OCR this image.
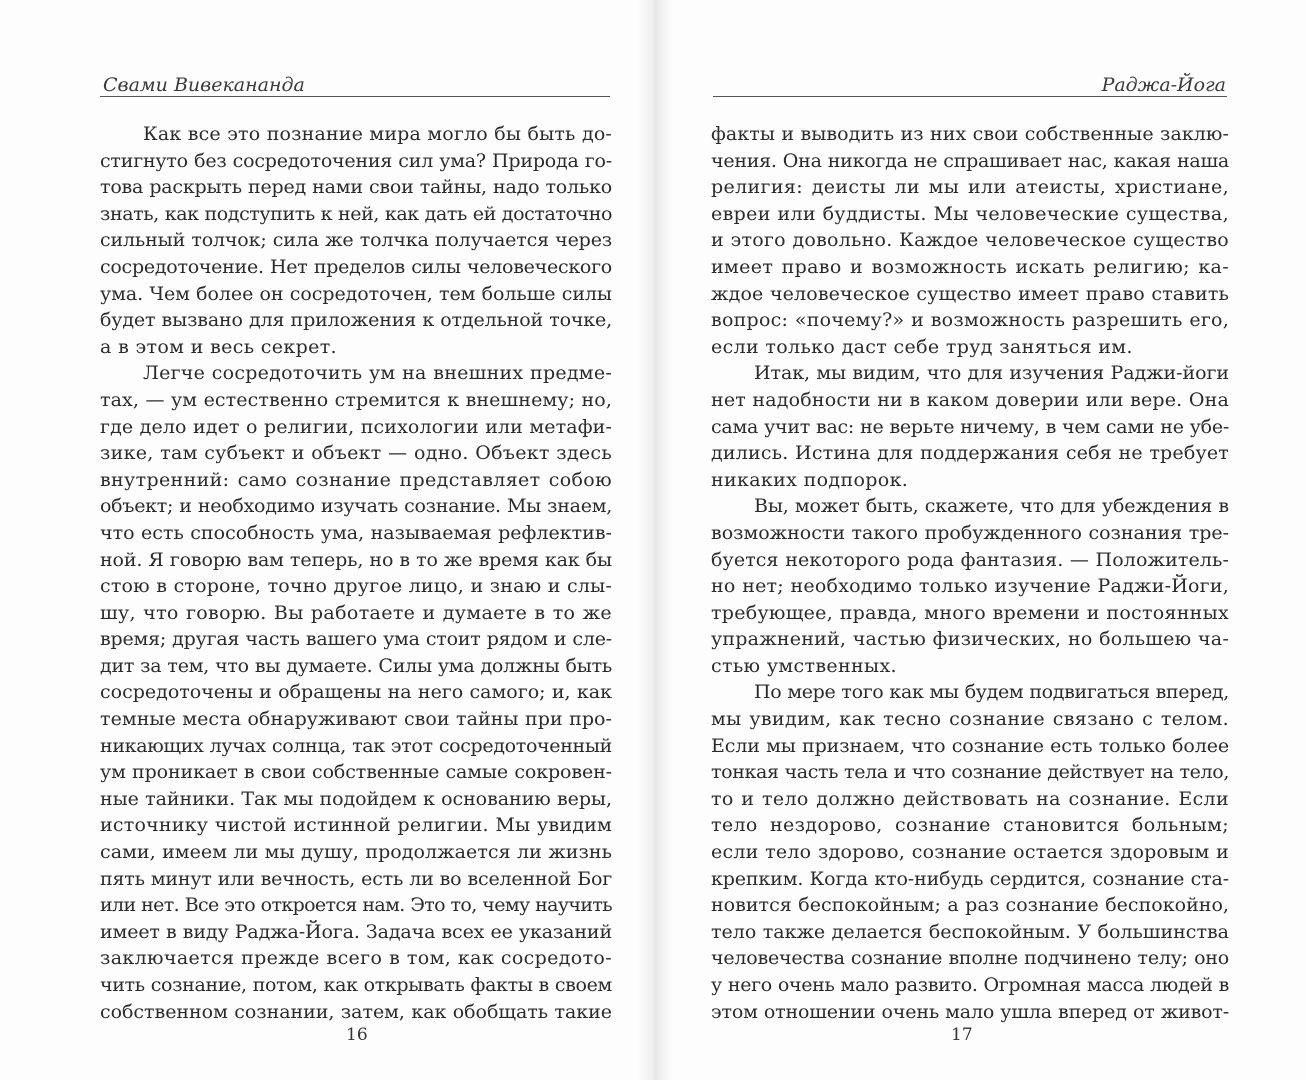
Свами Вивекананда
Как все это познание мира могло бы быть до-
стигнуто без сосредоточения сил ума? Природа го-
това раскрыть перед нами свои тайны, надо только
знать, как подступить к ней, как дать ей достаточно
сильный толчок; сила же толчка получается через
сосредоточение. Нет пределов силы человеческого
ума. Чем более он сосредоточен, тем больше силы
будет вызвано для приложения к отдельной точке,
а в этом и весь секрет.
Легче сосредоточить ум на внешних предме-
тах, — ум естественно стремится к внешнему; но,
где дело идет о религии, психологии или метафи-
зике, там субъект и объект — одно. Объект здесь
внутренний: само сознание представляет собою
объект; и необходимо изучать сознание. Мы знаем,
что есть способность ума, называемая рефлектив-
ной. Я говорю вам теперь, но в то же время как бы
стою в стороне, точно другое лицо, и знаю и слы-
шу, что говорю. Вы работаете и думаете в то же
время; другая часть вашего ума стоит рядом и сле-
дит за тем, что вы думаете. Силы ума должны быть
сосредоточены и обращены на него самого; и, как
темные места обнаруживают свои тайны при про-
никающих лучах солнца, так этот сосредоточенный
ум проникает в свои собственные самые сокровен-
ные тайники. Так мы подойдем к основанию веры,
источнику чистой истинной религии. Мы увидим
сами, имеем ли мы душу, продолжается ли жизнь
пять минут или вечность, есть ли во вселенной Бог
или нет. Все это откроется нам. Это то, чему научить
имеет в виду Раджа-Йога. Задача всех ее указаний
заключается прежде всего в том, как сосредото-
чить сознание, потом, как открывать факты в своем
собственном сознании, затем, как обобщать такие
16
Раджа-Йога
факты и выводить из них свои собственные заклю-
чения. Она никогда не спрашивает нас, какая наша
религия: деисты ли мы или атеисты, христиане,
евреи или буддисты. Мы человеческие существа,
и этого довольно. Каждое человеческое существо
имеет право и возможность искать религию; ка-
ждое человеческое существо имеет право ставить
вопрос: «почему?» и возможность разрешить его,
если только даст себе труд заняться им.
Итак, мы видим, что для изучения Раджи-йоги
нет надобности ни в каком доверии или вере. Она
сама учит вас: не верьте ничему, в чем сами не убе-
дились. Истина для поддержания себя не требует
никаких подпорок.
Вы, может быть, скажете, что для убеждения в
возможности такого пробужденного сознания тре-
буется некоторого рода фантазия. — Положитель-
но нет; необходимо только изучение Раджи-Йоги,
требующее, правда, много времени и постоянных
упражнений, частью физических, но большею ча-
стью умственных.
По мере того как мы будем подвигаться вперед,
мы увидим, как тесно сознание связано с телом.
Если мы признаем, что сознание есть только более
тонкая часть тела и что сознание действует на тело,
то и тело должно действовать на сознание. Если
тело нездорово, сознание становится больным;
если тело здорово, сознание остается здоровым и
крепким. Когда кто-нибудь сердится, сознание ста-
новится беспокойным; а раз сознание беспокойно,
тело также делается беспокойным. У большинства
человечества сознание вполне подчинено телу; оно
у него очень мало развито. Огромная масса людей в
этом отношении очень мало ушла вперед от живот-
17
